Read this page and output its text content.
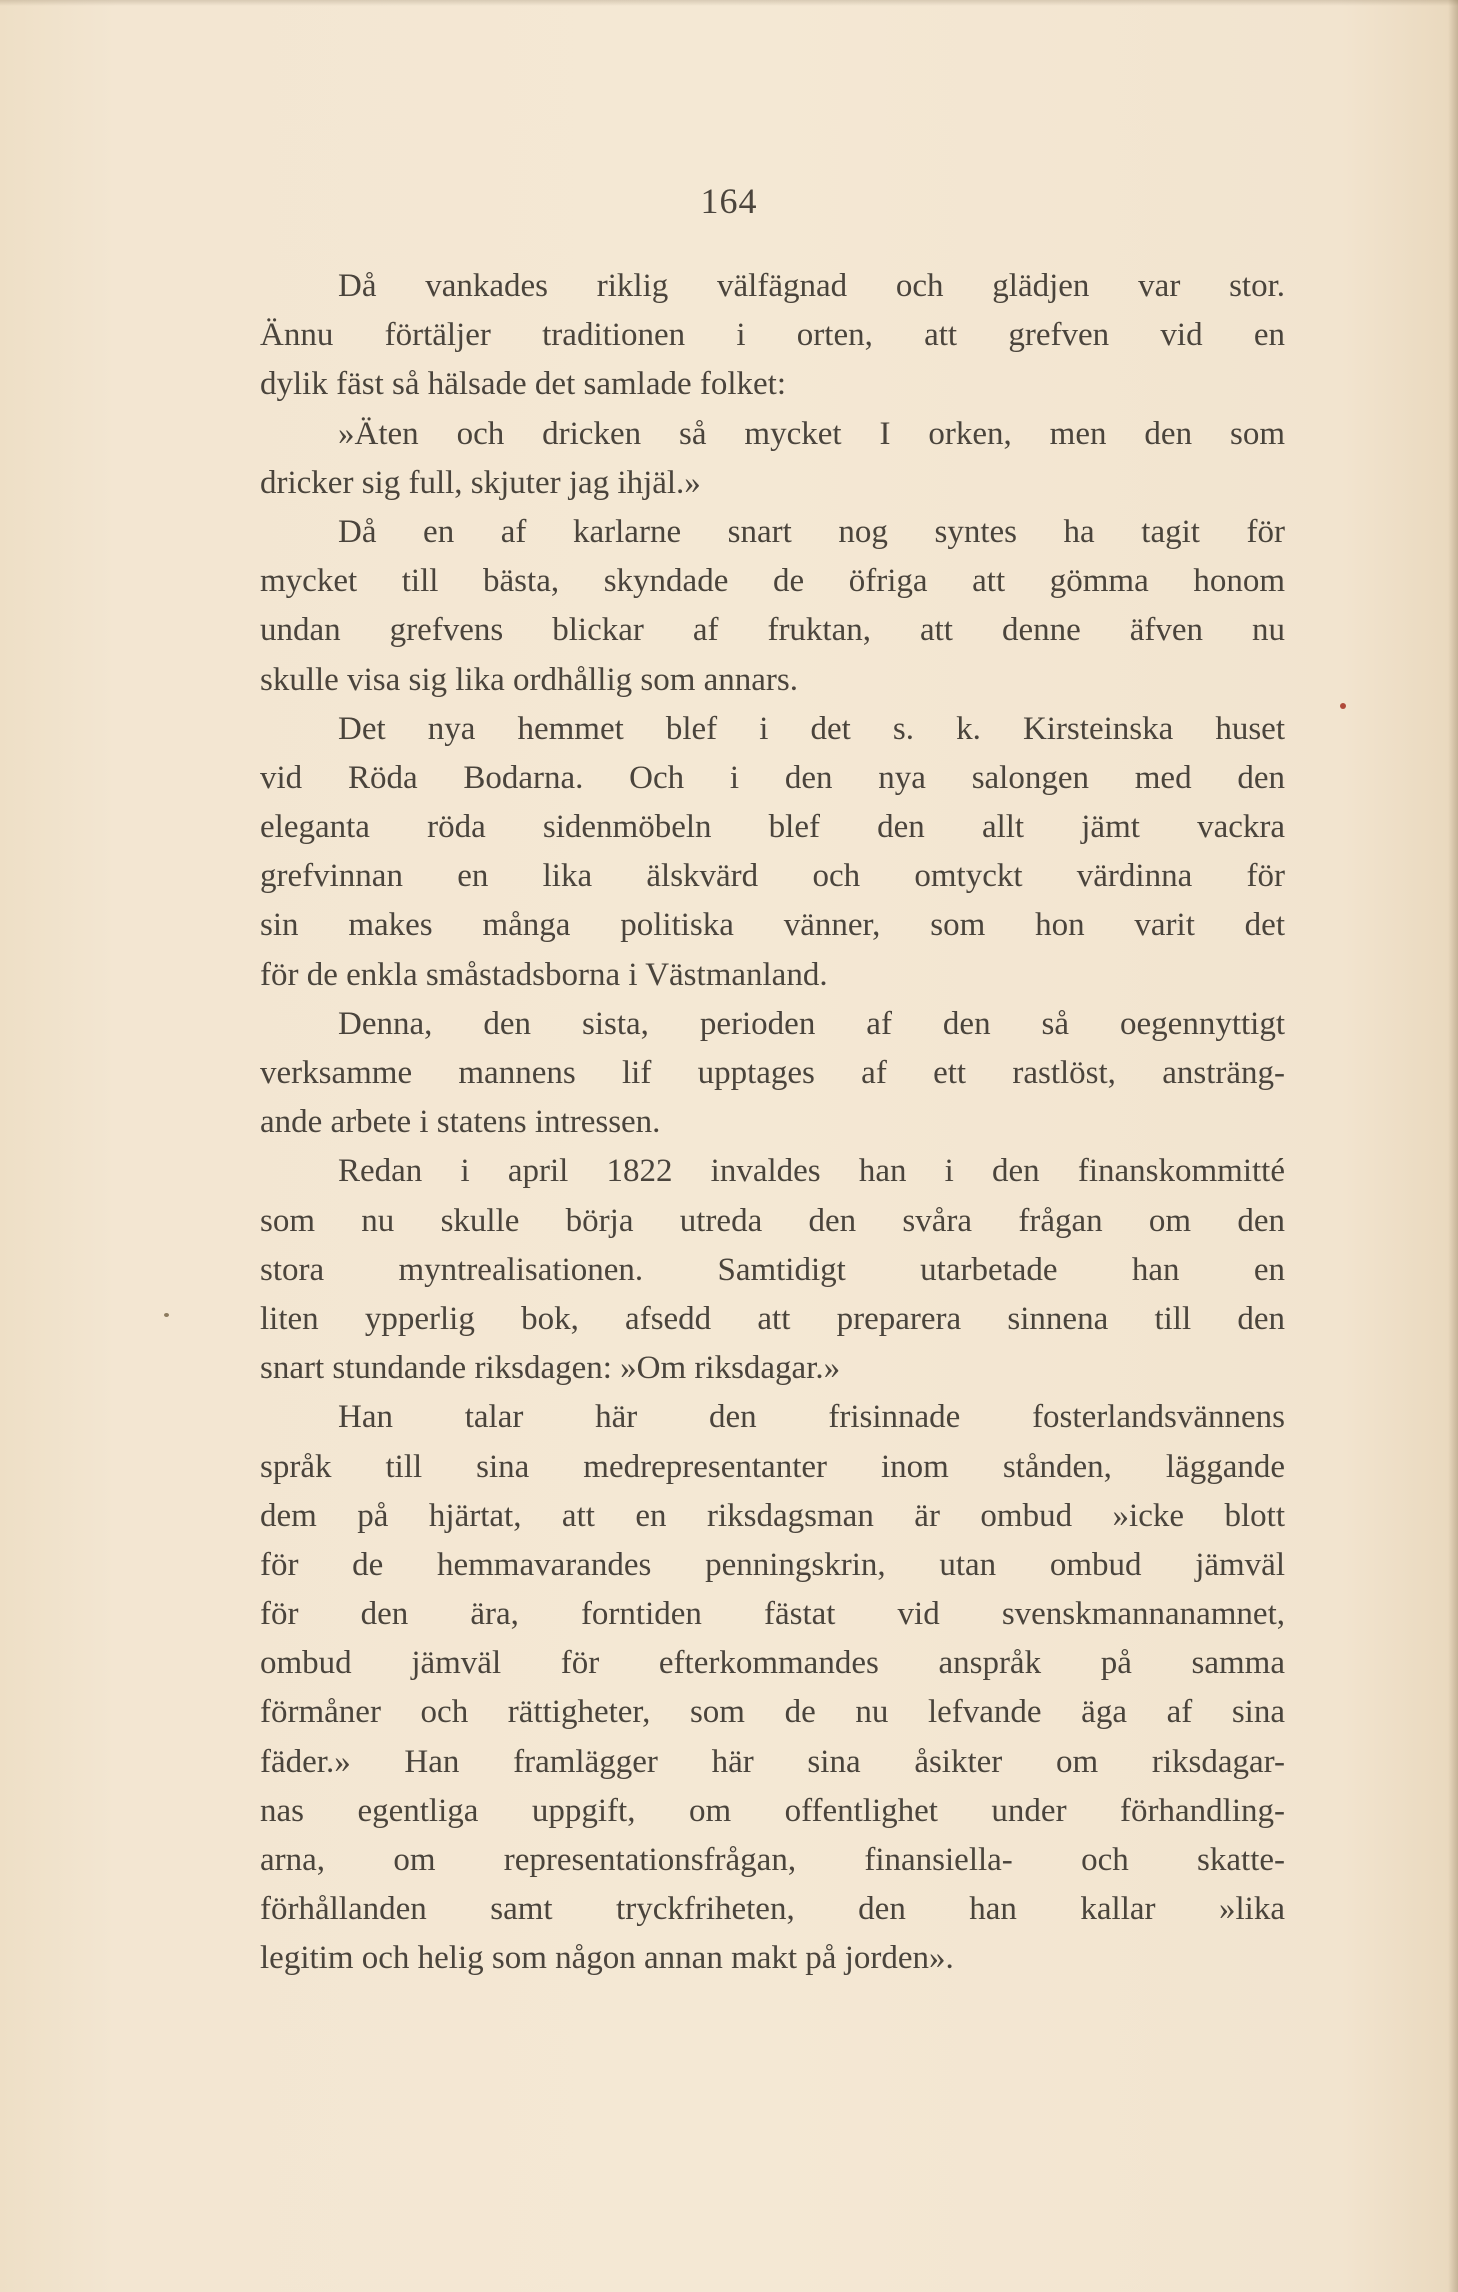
164
Då vankades riklig välfägnad och glädjen var stor.
Ännu förtäljer traditionen i orten, att grefven vid en
dylik fäst så hälsade det samlade folket:
»Äten och dricken så mycket I orken, men den som
dricker sig full, skjuter jag ihjäl.»
Då en af karlarne snart nog syntes ha tagit för
mycket till bästa, skyndade de öfriga att gömma honom
undan grefvens blickar af fruktan, att denne äfven nu
skulle visa sig lika ordhållig som annars.
Det nya hemmet blef i det s. k. Kirsteinska huset
vid Röda Bodarna. Och i den nya salongen med den
eleganta röda sidenmöbeln blef den allt jämt vackra
grefvinnan en lika älskvärd och omtyckt värdinna för
sin makes många politiska vänner, som hon varit det
för de enkla småstadsborna i Västmanland.
Denna, den sista, perioden af den så oegennyttigt
verksamme mannens lif upptages af ett rastlöst, ansträng-
ande arbete i statens intressen.
Redan i april 1822 invaldes han i den finanskommitté
som nu skulle börja utreda den svåra frågan om den
stora myntrealisationen. Samtidigt utarbetade han en
liten ypperlig bok, afsedd att preparera sinnena till den
snart stundande riksdagen: »Om riksdagar.»
Han talar här den frisinnade fosterlandsvännens
språk till sina medrepresentanter inom stånden, läggande
dem på hjärtat, att en riksdagsman är ombud »icke blott
för de hemmavarandes penningskrin, utan ombud jämväl
för den ära, forntiden fästat vid svenskmannanamnet,
ombud jämväl för efterkommandes anspråk på samma
förmåner och rättigheter, som de nu lefvande äga af sina
fäder.» Han framlägger här sina åsikter om riksdagar-
nas egentliga uppgift, om offentlighet under förhandling-
arna, om representationsfrågan, finansiella- och skatte-
förhållanden samt tryckfriheten, den han kallar »lika
legitim och helig som någon annan makt på jorden».
